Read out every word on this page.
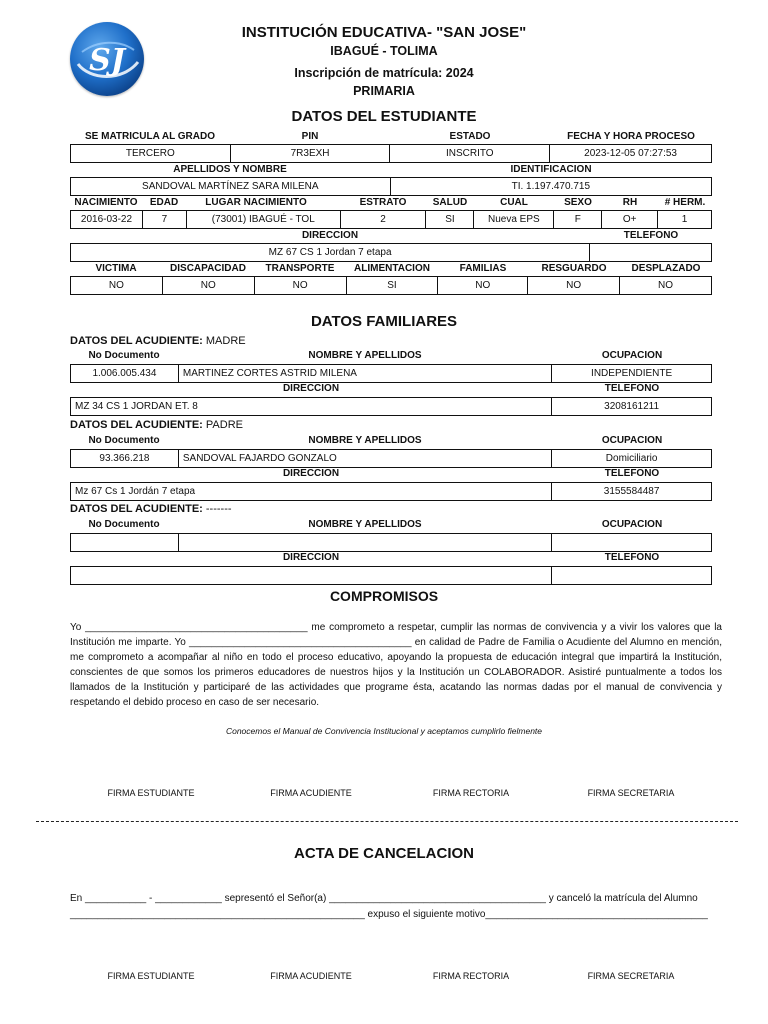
SJ
INSTITUCIÓN EDUCATIVA- "SAN JOSE"
IBAGUÉ - TOLIMA
Inscripción de matrícula: 2024
PRIMARIA
DATOS DEL ESTUDIANTE
SE MATRICULA AL GRADO	PIN	ESTADO	FECHA Y HORA PROCESO
TERCERO	7R3EXH	INSCRITO	2023-12-05 07:27:53
APELLIDOS Y NOMBRE	IDENTIFICACION
SANDOVAL MARTÍNEZ SARA MILENA	TI. 1.197.470.715
NACIMIENTO	EDAD	LUGAR NACIMIENTO	ESTRATO	SALUD	CUAL	SEXO	RH	# HERM.
2016-03-22	7	(73001) IBAGUÉ - TOL	2	SI	Nueva EPS	F	O+	1
DIRECCION	TELEFONO
MZ 67 CS 1 Jordan 7 etapa	
VICTIMA	DISCAPACIDAD	TRANSPORTE	ALIMENTACION	FAMILIAS	RESGUARDO	DESPLAZADO
NO	NO	NO	SI	NO	NO	NO
DATOS FAMILIARES
DATOS DEL ACUDIENTE: MADRE
No Documento	NOMBRE Y APELLIDOS	OCUPACION
1.006.005.434	MARTINEZ CORTES ASTRID MILENA	INDEPENDIENTE
DIRECCION	TELEFONO
MZ 34 CS 1 JORDAN ET. 8	3208161211
DATOS DEL ACUDIENTE: PADRE
No Documento	NOMBRE Y APELLIDOS	OCUPACION
93.366.218	SANDOVAL FAJARDO GONZALO	Domiciliario
DIRECCION	TELEFONO
Mz 67 Cs 1 Jordán 7 etapa	3155584487
DATOS DEL ACUDIENTE: -------
No Documento	NOMBRE Y APELLIDOS	OCUPACION

DIRECCION	TELEFONO

COMPROMISOS
Yo ________________________________________ me comprometo a respetar, cumplir las normas de convivencia y a vivir los valores que la Institución me imparte. Yo ________________________________________ en calidad de Padre de Familia o Acudiente del Alumno en mención, me comprometo a acompañar al niño en todo el proceso educativo, apoyando la propuesta de educación integral que impartirá la Institución, conscientes de que somos los primeros educadores de nuestros hijos y la Institución un COLABORADOR. Asistiré puntualmente a todos los llamados de la Institución y participaré de las actividades que programe ésta, acatando las normas dadas por el manual de convivencia y respetando el debido proceso en caso de ser necesario.
Conocemos el Manual de Convivencia Institucional y aceptamos cumplirlo fielmente
FIRMA ESTUDIANTE	FIRMA ACUDIENTE	FIRMA RECTORIA	FIRMA SECRETARIA
ACTA DE CANCELACION
En ___________ - ____________ sepresentó el Señor(a) _______________________________________ y canceló la matrícula del Alumno
_____________________________________________________ expuso el siguiente motivo________________________________________
FIRMA ESTUDIANTE	FIRMA ACUDIENTE	FIRMA RECTORIA	FIRMA SECRETARIA
